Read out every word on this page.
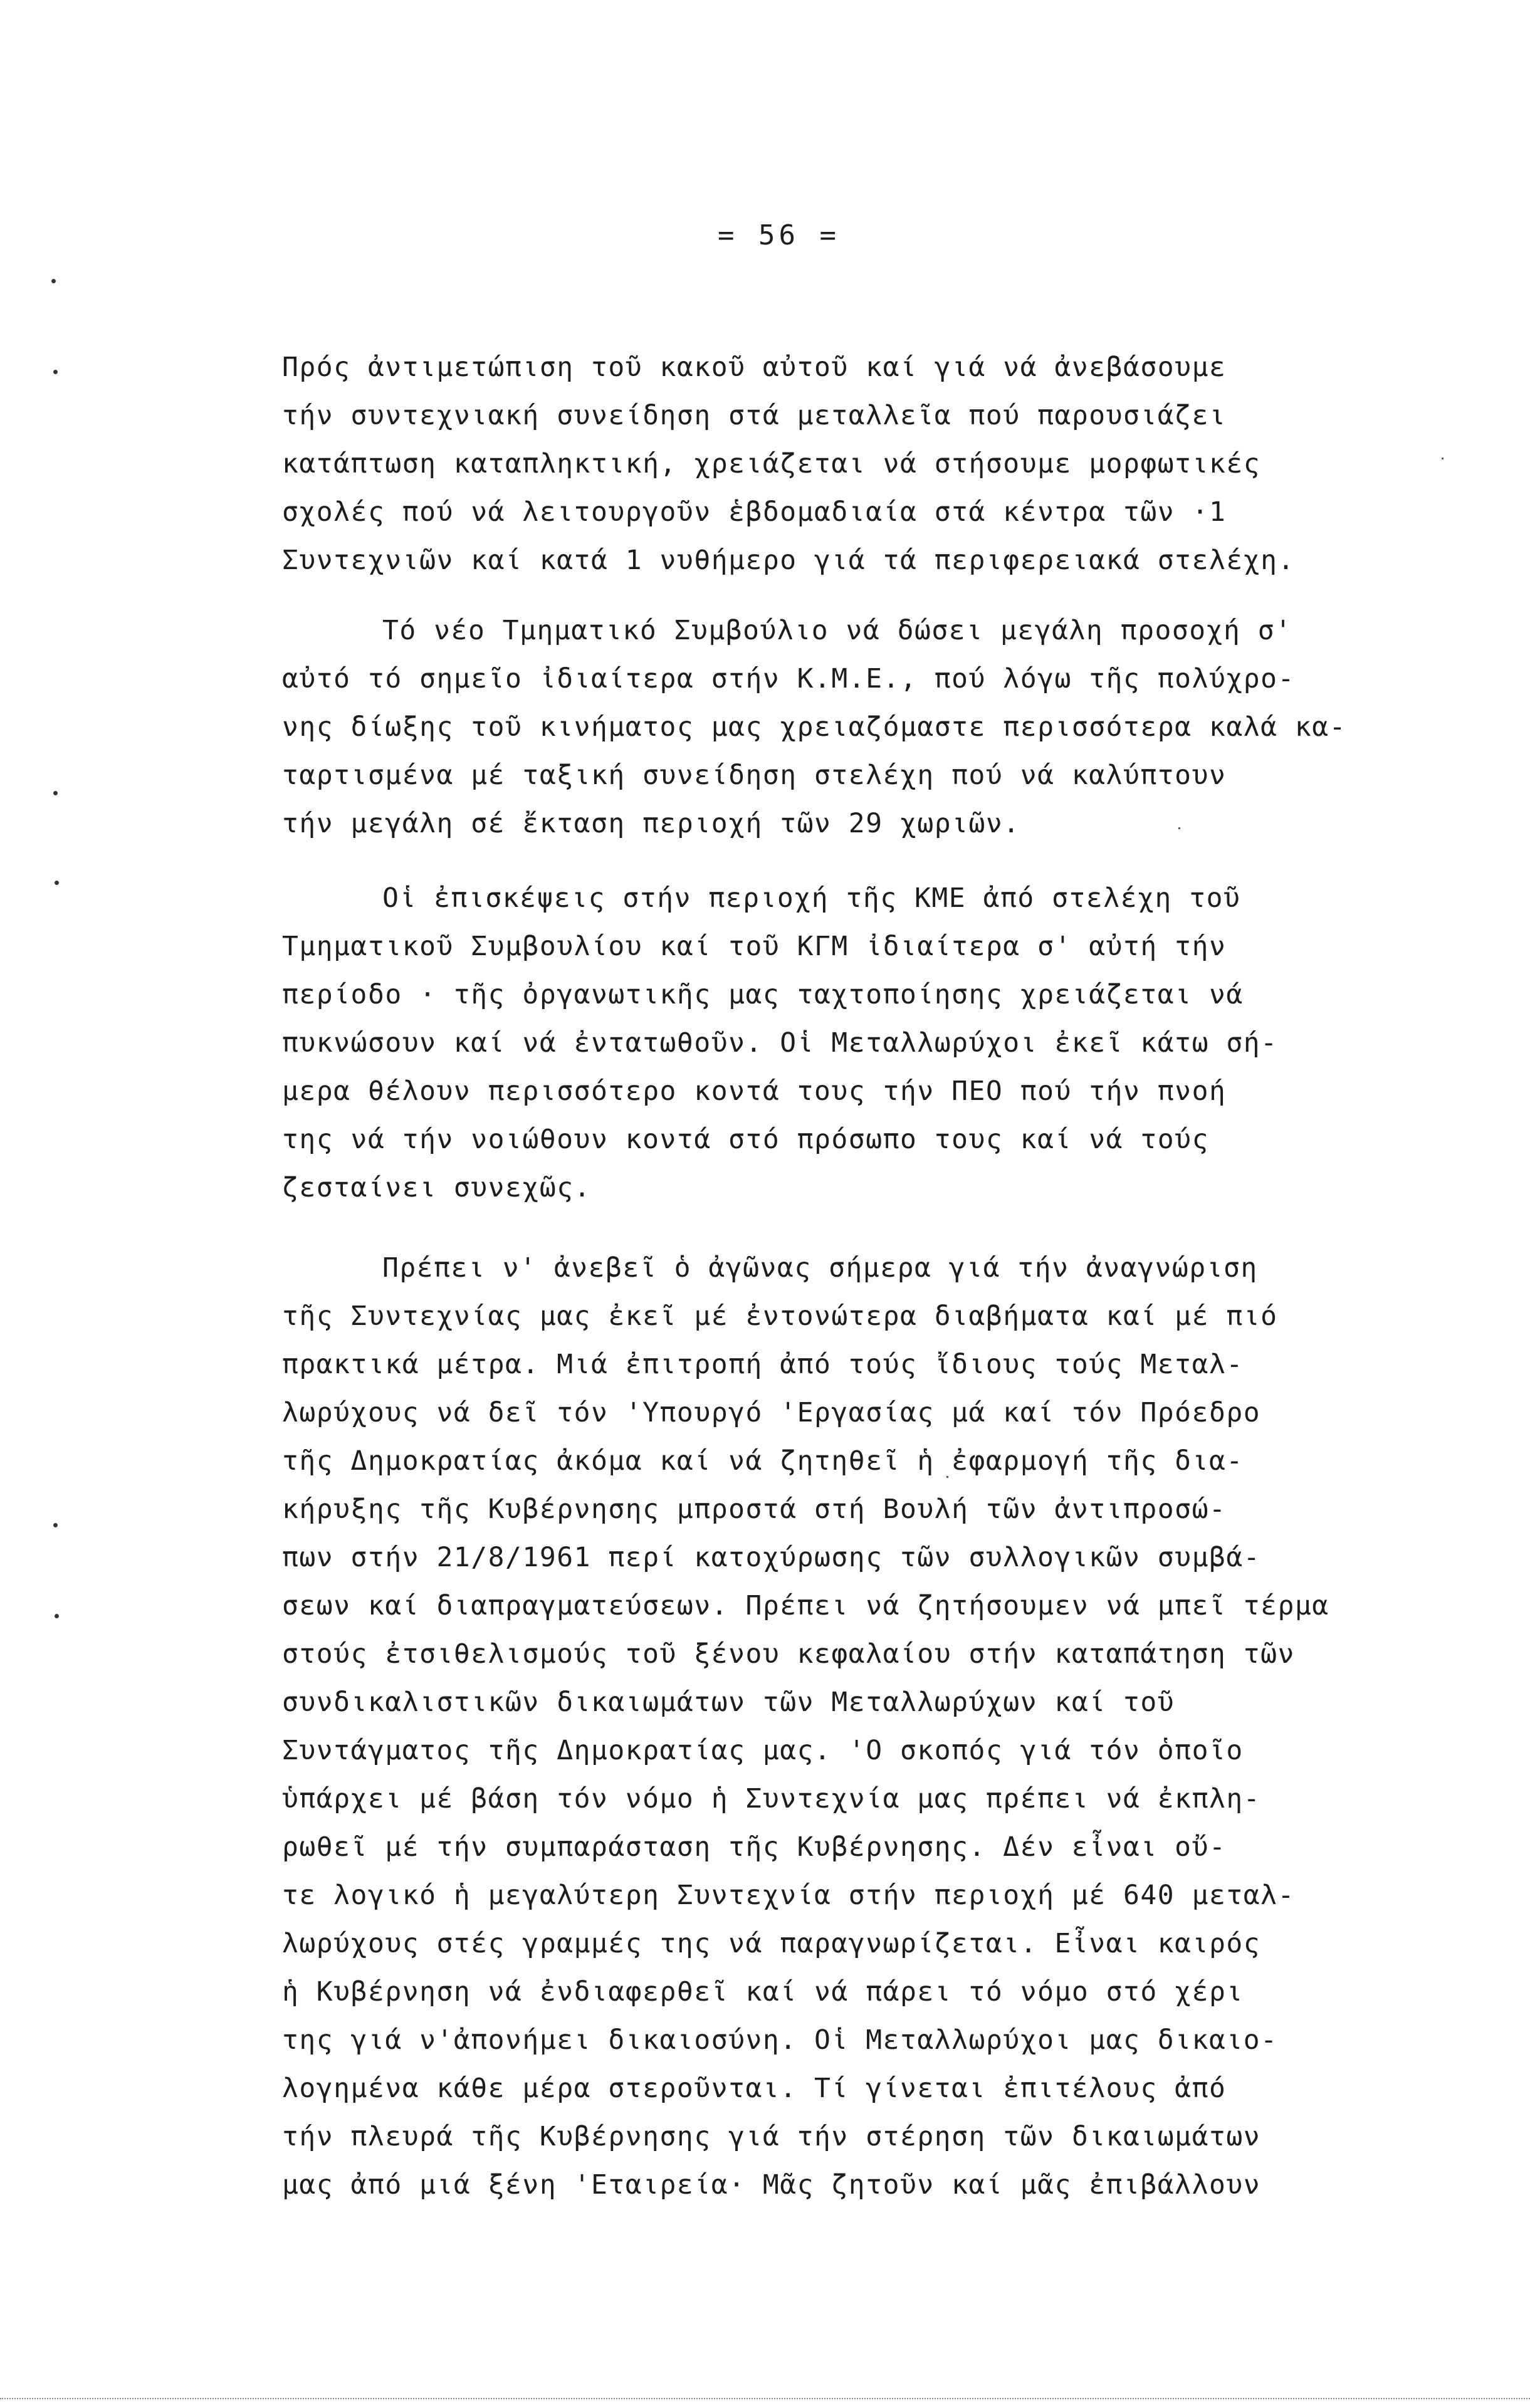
= 56 =
Πρός ἀντιμετώπιση τοῦ κακοῦ αὐτοῦ καί γιά νά ἀνεβάσουμε
τήν συντεχνιακή συνείδηση στά μεταλλεῖα πού παρουσιάζει
κατάπτωση καταπληκτική, χρειάζεται νά στήσουμε μορφωτικές
σχολές πού νά λειτουργοῦν ἑβδομαδιαία στά κέντρα τῶν ·1
Συντεχνιῶν καί κατά 1 νυθήμερο γιά τά περιφερειακά στελέχη.
Τό νέο Τμηματικό Συμβούλιο νά δώσει μεγάλη προσοχή σ'
αὐτό τό σημεῖο ἰδιαίτερα στήν Κ.Μ.Ε., πού λόγω τῆς πολύχρο-
νης δίωξης τοῦ κινήματος μας χρειαζόμαστε περισσότερα καλά κα-
ταρτισμένα μέ ταξική συνείδηση στελέχη πού νά καλύπτουν
τήν μεγάλη σέ ἔκταση περιοχή τῶν 29 χωριῶν.
Οἱ ἐπισκέψεις στήν περιοχή τῆς ΚΜΕ ἀπό στελέχη τοῦ
Τμηματικοῦ Συμβουλίου καί τοῦ ΚΓΜ ἰδιαίτερα σ' αὐτή τήν
περίοδο · τῆς ὀργανωτικῆς μας ταχτοποίησης χρειάζεται νά
πυκνώσουν καί νά ἐντατωθοῦν. Οἱ Μεταλλωρύχοι ἐκεῖ κάτω σή-
μερα θέλουν περισσότερο κοντά τους τήν ΠΕΟ πού τήν πνοή
της νά τήν νοιώθουν κοντά στό πρόσωπο τους καί νά τούς
ζεσταίνει συνεχῶς.
Πρέπει ν' ἀνεβεῖ ὁ ἀγῶνας σήμερα γιά τήν ἀναγνώριση
τῆς Συντεχνίας μας ἐκεῖ μέ ἐντονώτερα διαβήματα καί μέ πιό
πρακτικά μέτρα. Μιά ἐπιτροπή ἀπό τούς ἴδιους τούς Μεταλ-
λωρύχους νά δεῖ τόν 'Υπουργό 'Εργασίας μά καί τόν Πρόεδρο
τῆς Δημοκρατίας ἀκόμα καί νά ζητηθεῖ ἡ ἐφαρμογή τῆς δια-
κήρυξης τῆς Κυβέρνησης μπροστά στή Βουλή τῶν ἀντιπροσώ-
πων στήν 21/8/1961 περί κατοχύρωσης τῶν συλλογικῶν συμβά-
σεων καί διαπραγματεύσεων. Πρέπει νά ζητήσουμεν νά μπεῖ τέρμα
στούς ἐτσιθελισμούς τοῦ ξένου κεφαλαίου στήν καταπάτηση τῶν
συνδικαλιστικῶν δικαιωμάτων τῶν Μεταλλωρύχων καί τοῦ
Συντάγματος τῆς Δημοκρατίας μας. 'Ο σκοπός γιά τόν ὁποῖο
ὑπάρχει μέ βάση τόν νόμο ἡ Συντεχνία μας πρέπει νά ἐκπλη-
ρωθεῖ μέ τήν συμπαράσταση τῆς Κυβέρνησης. Δέν εἶναι οὔ-
τε λογικό ἡ μεγαλύτερη Συντεχνία στήν περιοχή μέ 640 μεταλ-
λωρύχους στές γραμμές της νά παραγνωρίζεται. Εἶναι καιρός
ἡ Κυβέρνηση νά ἐνδιαφερθεῖ καί νά πάρει τό νόμο στό χέρι
της γιά ν'ἀπονήμει δικαιοσύνη. Οἱ Μεταλλωρύχοι μας δικαιο-
λογημένα κάθε μέρα στεροῦνται. Τί γίνεται ἐπιτέλους ἀπό
τήν πλευρά τῆς Κυβέρνησης γιά τήν στέρηση τῶν δικαιωμάτων
μας ἀπό μιά ξένη 'Εταιρεία· Μᾶς ζητοῦν καί μᾶς ἐπιβάλλουν
